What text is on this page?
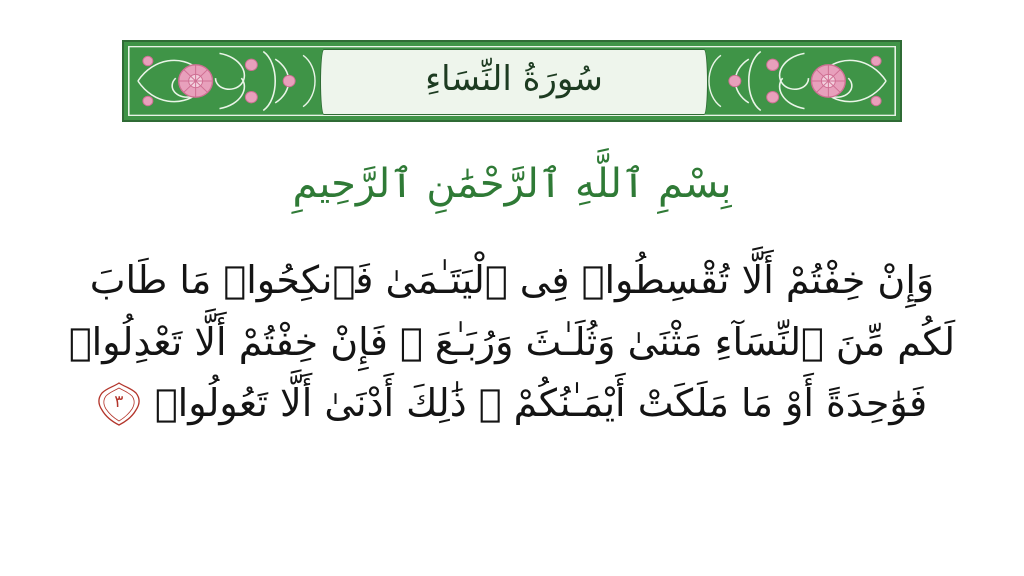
سُورَةُ النِّسَاءِ
بِسْمِ ٱللَّهِ ٱلرَّحْمَٰنِ ٱلرَّحِيمِ
وَإِنْ خِفْتُمْ أَلَّا تُقْسِطُوا۟ فِى ٱلْيَتَـٰمَىٰ فَٱنكِحُوا۟ مَا طَابَ
لَكُم مِّنَ ٱلنِّسَآءِ مَثْنَىٰ وَثُلَـٰثَ وَرُبَـٰعَ ۖ فَإِنْ خِفْتُمْ أَلَّا تَعْدِلُوا۟
فَوَٰحِدَةً أَوْ مَا مَلَكَتْ أَيْمَـٰنُكُمْ ۚ ذَٰلِكَ أَدْنَىٰ أَلَّا تَعُولُوا۟
٣
